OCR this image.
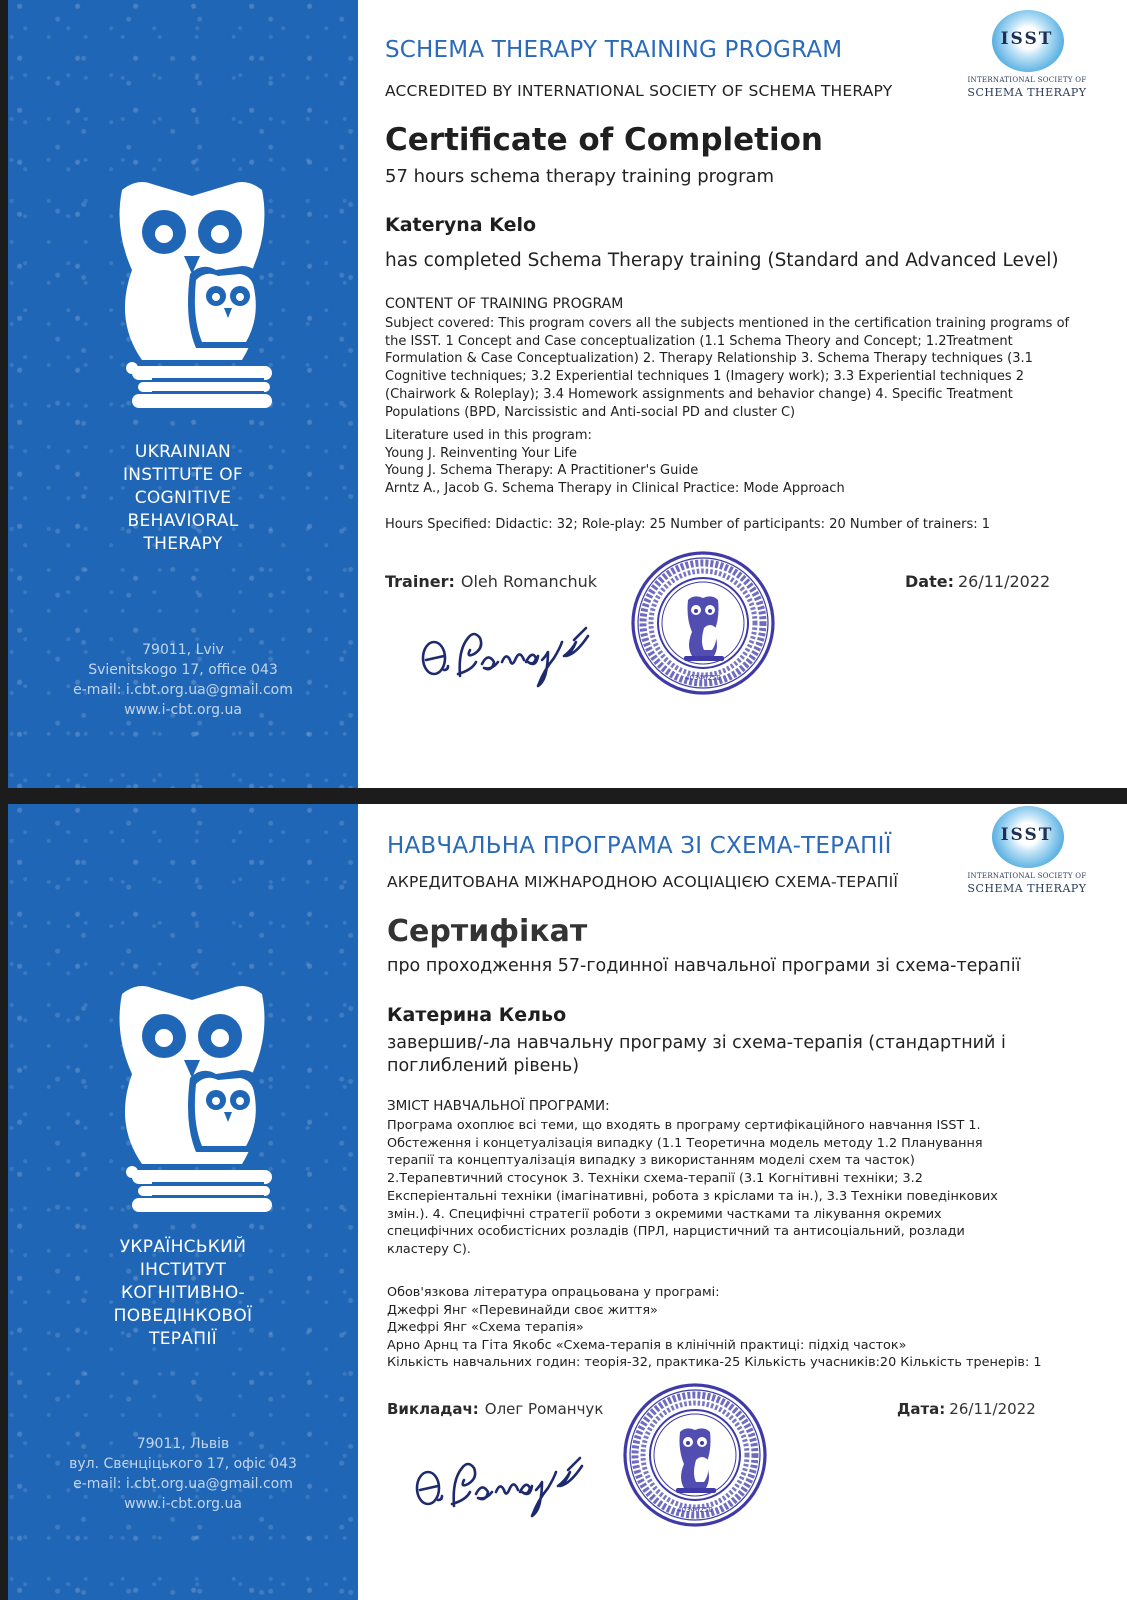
UKRAINIAN
INSTITUTE OF
COGNITIVE
BEHAVIORAL
THERAPY
79011, Lviv
Svienitskogo 17, office 043
e-mail: i.cbt.org.ua@gmail.com
www.i-cbt.org.ua
SCHEMA THERAPY TRAINING PROGRAM
ACCREDITED BY INTERNATIONAL SOCIETY OF SCHEMA THERAPY
ISST
INTERNATIONAL SOCIETY OF
SCHEMA THERAPY
Certificate of Completion
57 hours schema therapy training program
Kateryna Kelo
has completed Schema Therapy training (Standard and Advanced Level)
CONTENT OF TRAINING PROGRAM
Subject covered: This program covers all the subjects mentioned in the certification training programs of the ISST. 1 Concept and Case conceptualization (1.1 Schema Theory and Concept; 1.2Treatment Formulation & Case Conceptualization) 2. Therapy Relationship 3. Schema Therapy techniques (3.1 Cognitive techniques; 3.2 Experiential techniques 1 (Imagery work); 3.3 Experiential techniques 2 (Chairwork & Roleplay); 3.4 Homework assignments and behavior change) 4. Specific Treatment Populations (BPD, Narcissistic and Anti-social PD and cluster C)
Literature used in this program:
Young J. Reinventing Your Life
Young J. Schema Therapy: A Practitioner's Guide
Arntz A., Jacob G. Schema Therapy in Clinical Practice: Mode Approach
Hours Specified: Didactic: 32; Role-play: 25 Number of participants: 20 Number of trainers: 1
Trainer: Oleh Romanchuk	Date: 26/11/2022
40346250
УКРАЇНСЬКИЙ
ІНСТИТУТ
КОГНІТИВНО-
ПОВЕДІНКОВОЇ
ТЕРАПІЇ
79011, Львів
вул. Свєнціцького 17, офіс 043
e-mail: i.cbt.org.ua@gmail.com
www.i-cbt.org.ua
НАВЧАЛЬНА ПРОГРАМА ЗІ СХЕМА-ТЕРАПІЇ
АКРЕДИТОВАНА МІЖНАРОДНОЮ АСОЦІАЦІЄЮ СХЕМА-ТЕРАПІЇ
ISST
INTERNATIONAL SOCIETY OF
SCHEMA THERAPY
Сертифікат
про проходження 57-годинної навчальної програми зі схема-терапії
Катерина Кельо
завершив/-ла навчальну програму зі схема-терапія (стандартний і поглиблений рівень)
ЗМІСТ НАВЧАЛЬНОЇ ПРОГРАМИ:
Програма охоплює всі теми, що входять в програму сертифікаційного навчання ISST 1. Обстеження і концетуалізація випадку (1.1 Теоретична модель методу 1.2 Планування терапії та концептуалізація випадку з використанням моделі схем та часток) 2.Терапевтичний стосунок 3. Техніки схема-терапії (3.1 Когнітивні техніки; 3.2 Експеріентальні техніки (імагінативні, робота з кріслами та ін.), 3.3 Техніки поведінкових змін.). 4. Специфічні стратегії роботи з окремими частками та лікування окремих специфічних особистісних розладів (ПРЛ, нарцистичний та антисоціальний, розлади кластеру С).
Обов'язкова література опрацьована у програмі:
Джефрі Янг «Перевинайди своє життя»
Джефрі Янг «Схема терапія»
Арно Арнц та Гіта Якобс «Схема-терапія в клінічній практиці: підхід часток»
Кількість навчальних годин: теорія-32, практика-25 Кількість учасників:20 Кількість тренерів: 1
Викладач: Олег Романчук	Дата: 26/11/2022
40346250
